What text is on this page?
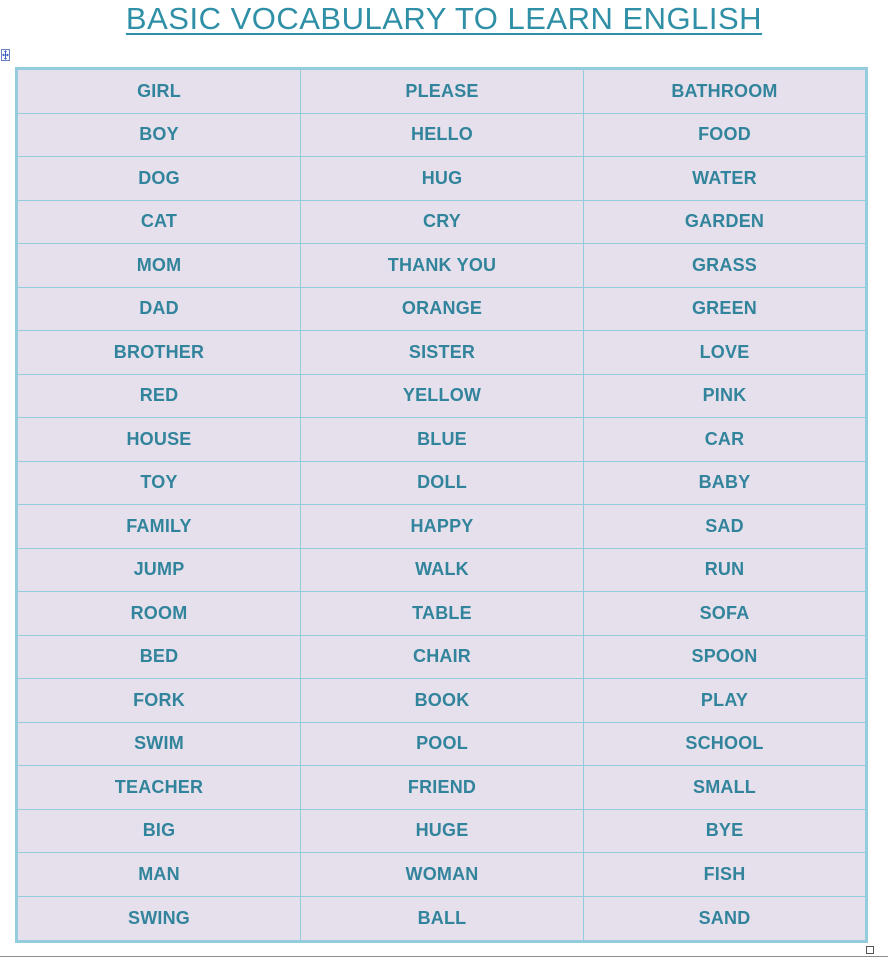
BASIC VOCABULARY TO LEARN ENGLISH
GIRL	PLEASE	BATHROOM
BOY	HELLO	FOOD
DOG	HUG	WATER
CAT	CRY	GARDEN
MOM	THANK YOU	GRASS
DAD	ORANGE	GREEN
BROTHER	SISTER	LOVE
RED	YELLOW	PINK
HOUSE	BLUE	CAR
TOY	DOLL	BABY
FAMILY	HAPPY	SAD
JUMP	WALK	RUN
ROOM	TABLE	SOFA
BED	CHAIR	SPOON
FORK	BOOK	PLAY
SWIM	POOL	SCHOOL
TEACHER	FRIEND	SMALL
BIG	HUGE	BYE
MAN	WOMAN	FISH
SWING	BALL	SAND
